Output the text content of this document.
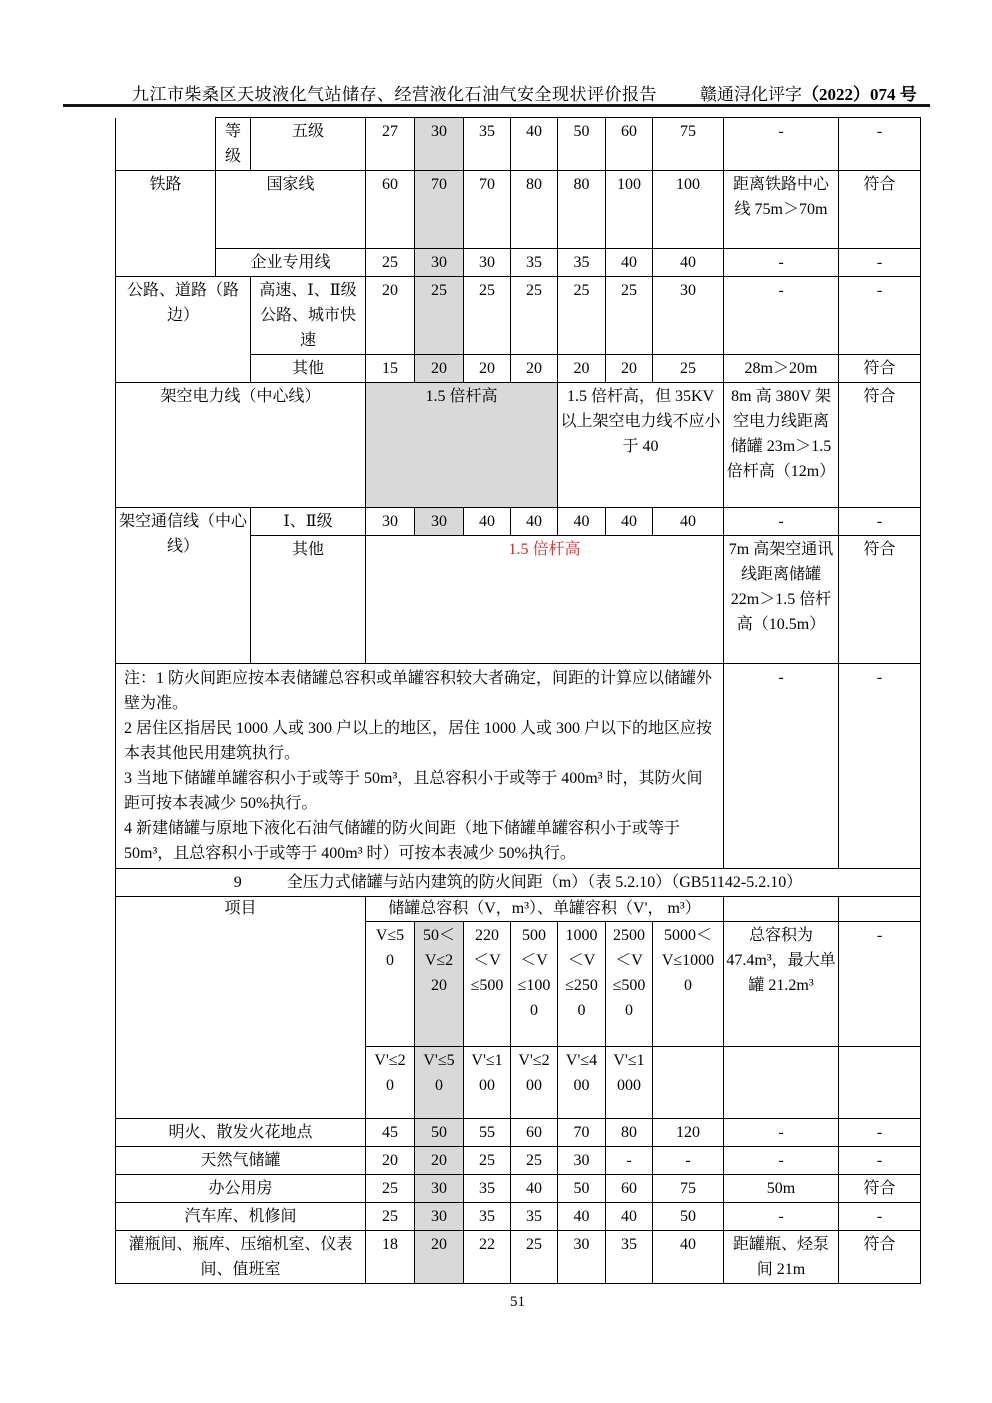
九江市柴桑区天坡液化气站储存、经营液化石油气安全现状评价报告	赣通浔化评字（2022）074 号
	等级	五级	27	30	35	40	50	60	75	-	-
铁路	国家线		60	70	70	80	80	100	100	距离铁路中心线 75m＞70m	符合
	企业专用线		25	30	30	35	35	40	40	-	-
公路、道路（路边）		高速、Ⅰ、Ⅱ级公路、城市快速	20	25	25	25	25	25	30	-	-
		其他	15	20	20	20	20	20	25	28m＞20m	符合
架空电力线（中心线）			1.5 倍杆高				1.5 倍杆高，但 35KV 以上架空电力线不应小于 40			8m 高 380V 架空电力线距离储罐 23m＞1.5 倍杆高（12m）	符合
架空通信线（中心线）		Ⅰ、Ⅱ级	30	30	40	40	40	40	40	-	-
		其他	1.5 倍杆高							7m 高架空通讯线距离储罐 22m＞1.5 倍杆高（10.5m）	符合

注：1 防火间距应按本表储罐总容积或单罐容积较大者确定，间距的计算应以储罐外壁为准。
2 居住区指居民 1000 人或 300 户以上的地区，居住 1000 人或 300 户以下的地区应按本表其他民用建筑执行。
3 当地下储罐单罐容积小于或等于 50m³，且总容积小于或等于 400m³ 时，其防火间距可按本表减少 50%执行。
4 新建储罐与原地下液化石油气储罐的防火间距（地下储罐单罐容积小于或等于 50m³，且总容积小于或等于 400m³ 时）可按本表减少 50%执行。										-	-
9 全压力式储罐与站内建筑的防火间距（m）（表 5.2.10）（GB51142-5.2.10）											
项目			储罐总容积（V，m³）、单罐容积（V'， m³）								
			V≤50	50＜V≤220	220＜V≤500	500＜V≤1000	1000＜V≤2500	2500＜V≤5000	5000＜V≤10000	总容积为 47.4m³，最大单罐 21.2m³	-
			V'≤20	V'≤50	V'≤100	V'≤200	V'≤400	V'≤1000			
明火、散发火花地点			45	50	55	60	70	80	120	-	-
天然气储罐			20	20	25	25	30	-	-	-	-
办公用房			25	30	35	40	50	60	75	50m	符合
汽车库、机修间			25	30	35	35	40	40	50	-	-
灌瓶间、瓶库、压缩机室、仪表间、值班室			18	20	22	25	30	35	40	距罐瓶、烃泵间 21m	符合
51
